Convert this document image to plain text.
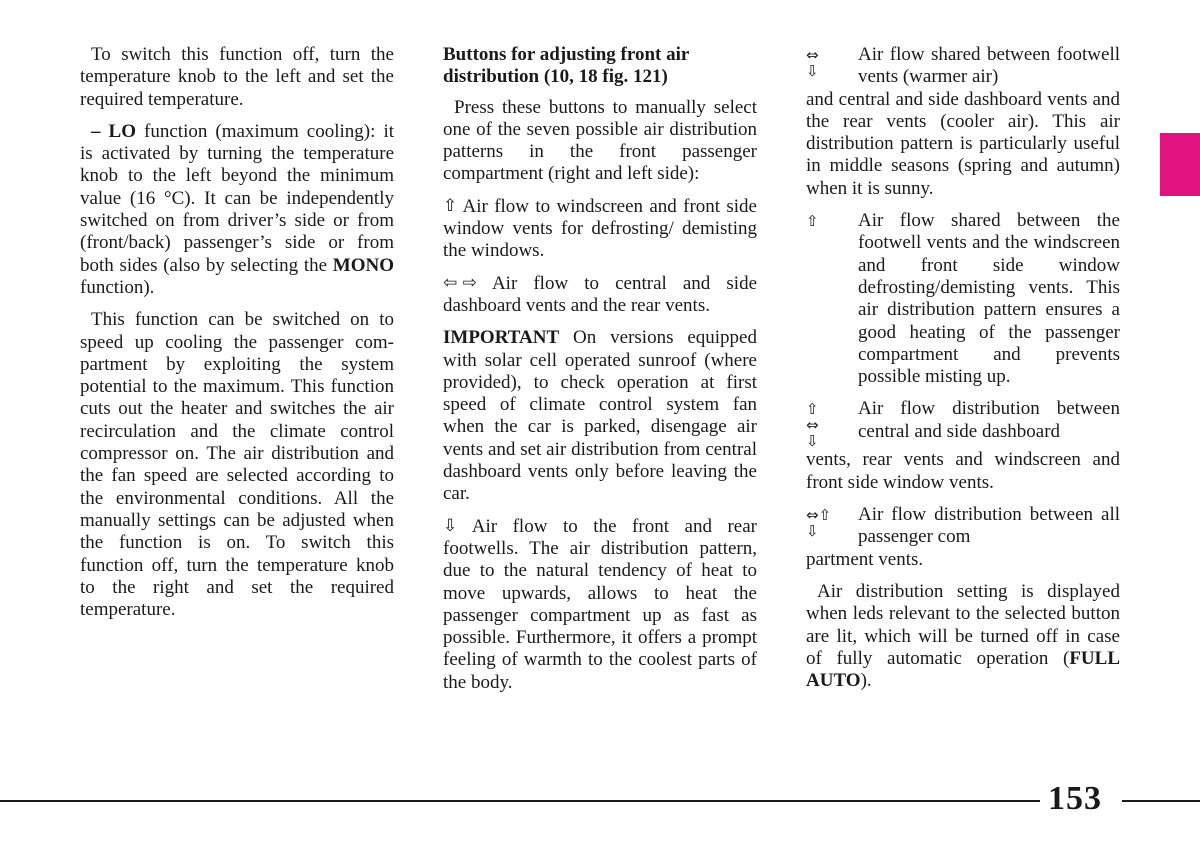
To switch this function off, turn the temperature knob to the left and set the required temperature.

– LO function (maximum cooling): it is activated by turning the temperature knob to the left beyond the minimum value (16 °C). It can be independently switched on from driver’s side or from (front/back) passenger’s side or from both sides (also by selecting the MONO function).

This function can be switched on to speed up cooling the passenger compartment by exploiting the system potential to the maximum. This function cuts out the heater and switches the air recirculation and the climate control compressor on. The air distribution and the fan speed are selected according to the environmental conditions. All the manually settings can be adjusted when the function is on. To switch this function off, turn the temperature knob to the right and set the required temperature.

Buttons for adjusting front air distribution (10, 18 fig. 121)

Press these buttons to manually select one of the seven possible air distribution patterns in the front passenger compartment (right and left side):

⇧ Air flow to windscreen and front side window vents for defrosting/ demisting the windows.

⇦ ⇨ Air flow to central and side dashboard vents and the rear vents.

IMPORTANT On versions equipped with solar cell operated sunroof (where provided), to check operation at first speed of climate control system fan when the car is parked, disengage air vents and set air distribution from central dashboard vents only before leaving the car.

⇩ Air flow to the front and rear footwells. The air distribution pattern, due to the natural tendency of heat to move upwards, allows to heat the passenger compartment up as fast as possible. Furthermore, it offers a prompt feeling of warmth to the coolest parts of the body.

⇔
⇩
Air flow shared between footwell vents (warmer air)

and central and side dashboard vents and the rear vents (cooler air). This air distribution pattern is particularly useful in middle seasons (spring and autumn) when it is sunny.

⇧	Air flow shared between the footwell vents and the windscreen and front side window defrosting/demisting vents. This air distribution pattern ensures a good heating of the passenger compartment and prevents possible misting up.
⇧
⇔
⇩
Air flow distribution between central and side dashboard

vents, rear vents and windscreen and front side window vents.

⇔⇧
⇩
Air flow distribution between all passenger com

partment vents.

Air distribution setting is displayed when leds relevant to the selected button are lit, which will be turned off in case of fully automatic operation (FULL AUTO).

153
